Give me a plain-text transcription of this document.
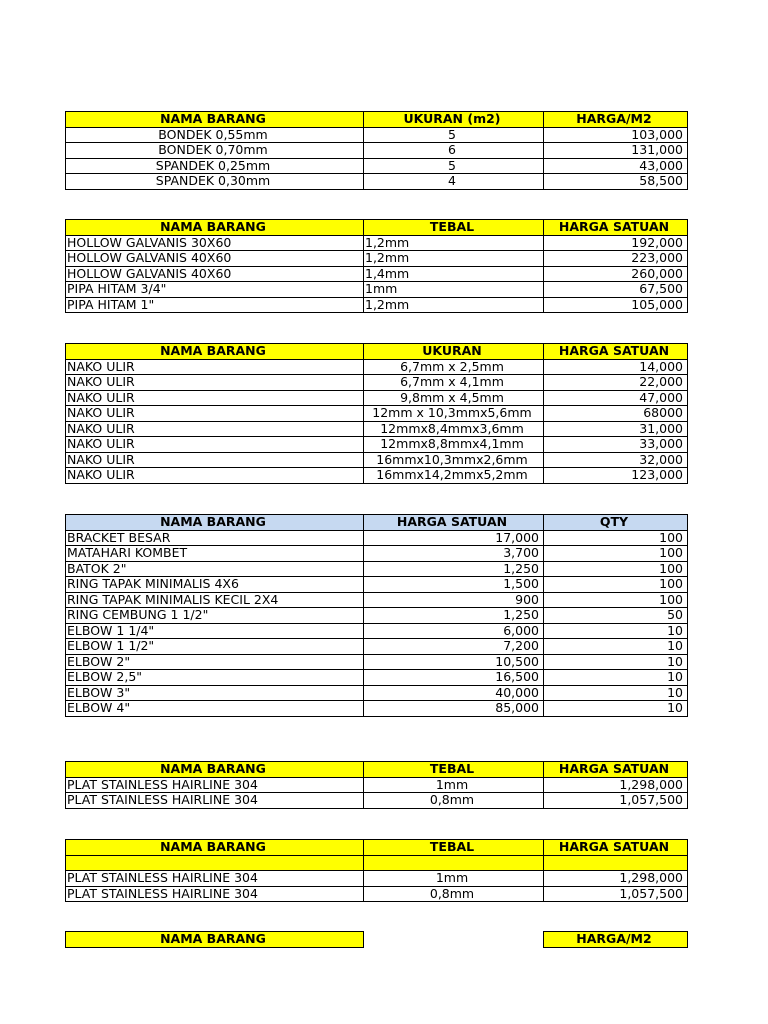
NAMA BARANG	UKURAN (m2)	HARGA/M2
BONDEK 0,55mm	5	103,000
BONDEK 0,70mm	6	131,000
SPANDEK 0,25mm	5	43,000
SPANDEK 0,30mm	4	58,500
NAMA BARANG	TEBAL	HARGA SATUAN
HOLLOW GALVANIS 30X60	1,2mm	192,000
HOLLOW GALVANIS 40X60	1,2mm	223,000
HOLLOW GALVANIS 40X60	1,4mm	260,000
PIPA HITAM 3/4"	1mm	67,500
PIPA HITAM 1"	1,2mm	105,000
NAMA BARANG	UKURAN	HARGA SATUAN
NAKO ULIR	6,7mm x 2,5mm	14,000
NAKO ULIR	6,7mm x 4,1mm	22,000
NAKO ULIR	9,8mm x 4,5mm	47,000
NAKO ULIR	12mm x 10,3mmx5,6mm	68000
NAKO ULIR	12mmx8,4mmx3,6mm	31,000
NAKO ULIR	12mmx8,8mmx4,1mm	33,000
NAKO ULIR	16mmx10,3mmx2,6mm	32,000
NAKO ULIR	16mmx14,2mmx5,2mm	123,000
NAMA BARANG	HARGA SATUAN	QTY
BRACKET BESAR	17,000	100
MATAHARI KOMBET	3,700	100
BATOK 2"	1,250	100
RING TAPAK MINIMALIS 4X6	1,500	100
RING TAPAK MINIMALIS KECIL 2X4	900	100
RING CEMBUNG 1 1/2"	1,250	50
ELBOW 1 1/4"	6,000	10
ELBOW 1 1/2"	7,200	10
ELBOW 2"	10,500	10
ELBOW 2,5"	16,500	10
ELBOW 3"	40,000	10
ELBOW 4"	85,000	10
NAMA BARANG	TEBAL	HARGA SATUAN
PLAT STAINLESS HAIRLINE 304	1mm	1,298,000
PLAT STAINLESS HAIRLINE 304	0,8mm	1,057,500
NAMA BARANG	TEBAL	HARGA SATUAN

PLAT STAINLESS HAIRLINE 304	1mm	1,298,000
PLAT STAINLESS HAIRLINE 304	0,8mm	1,057,500
NAMA BARANG		HARGA/M2
